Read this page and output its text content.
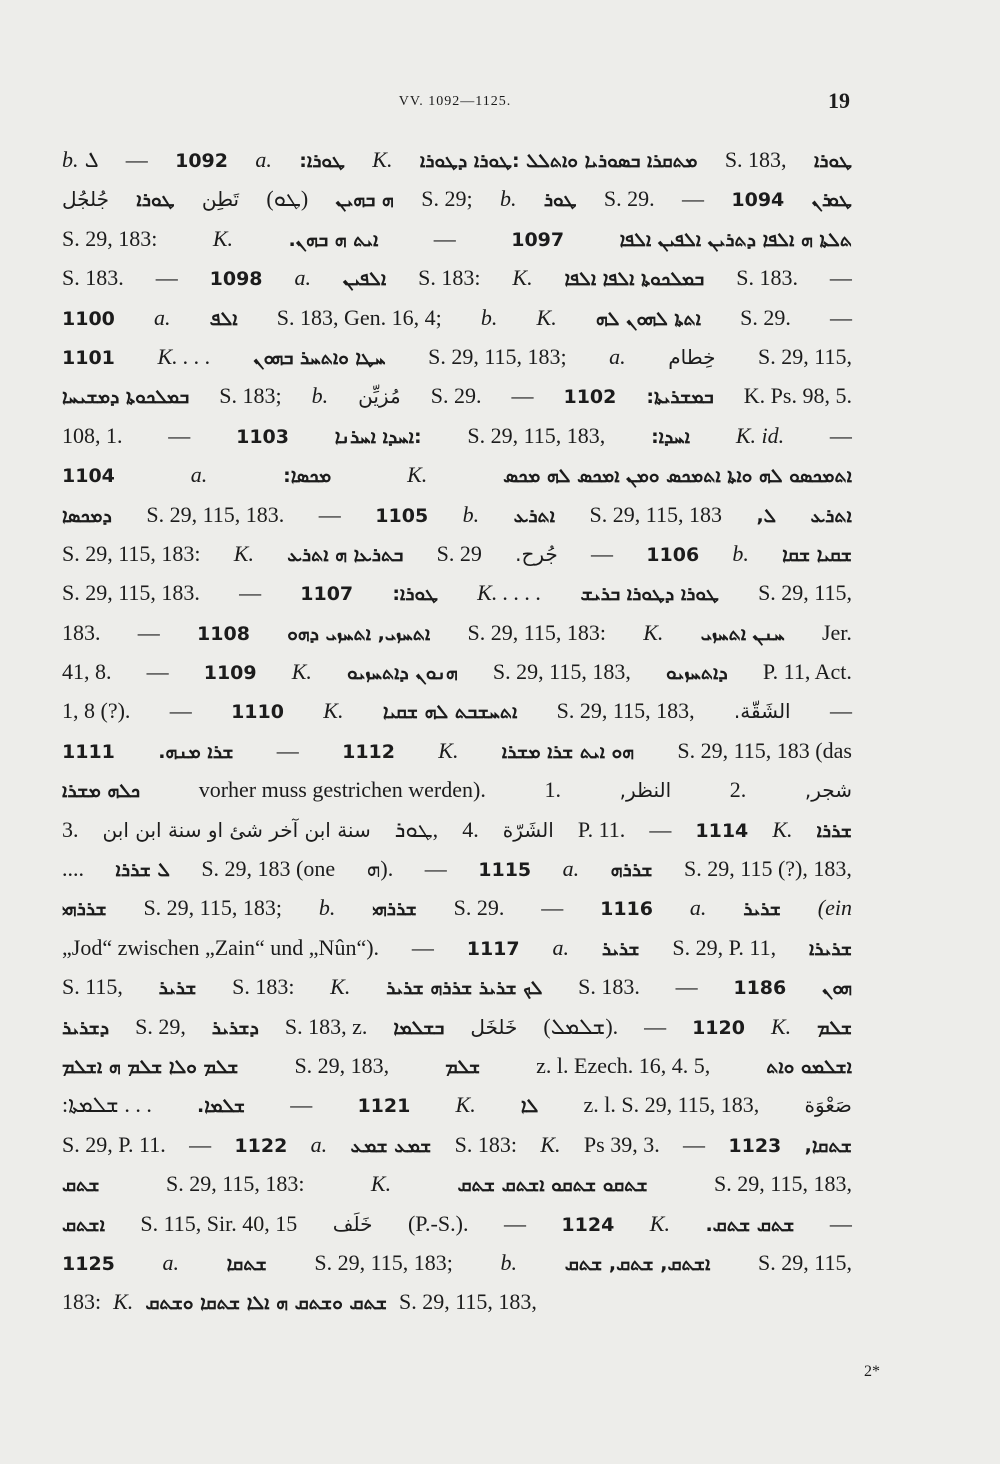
VV. 1092—1125.	19
b. ܠ — 1092 a. ܛܘܪܐ: K. ܡܬܩܪܐ ܒܣܘܪܝܐ ܘܐܬܠܠ :ܛܘܪܐ ܕܛܘܪܐ S. 183, ܛܘܪܐ
جُلجُل ܛܘܪܐ تَطِن (ܛܘ) ܗ ܒܗܝܢ S. 29; b. ܛܘܪ S. 29. — 1094 ܛܘܪܢ
S. 29, 183:	K.	ܐܝܬ ܗ ܒܗܢ.	—	1097	ܬܠܬܐ ܗ ܐܠܦܐ ܕܬܪܝܢ ܐܠܦܝܢ ܐܠܦܐ
S. 183. — 1098 a. ܐܠܦܝܢ S. 183: K. ܒܡܠܟܘܬܐ ܐܠܦܐ ܐܠܦܐ S. 183. —
1100 a. ܐܠܦ S. 183, Gen. 16, 4; b. K. ܐܬܬܐ ܠܗܘܢ ܠܗ S. 29. —
1101 K. . . . ܚܛܐ ܘܐܬܚܪ ܒܗܘܢ S. 29, 115, 183; a. خِطام S. 29, 115,
ܒܡܠܟܘܬܐ ܕܡܫܝܚܐ S. 183; b. مُزيِّن S. 29. — 1102 ܒܡܫܪܝܬܐ: K. Ps. 98, 5.
108, 1. — 1103 :ܐܚܕܐ ܐܚܪܢܐ S. 29, 115, 183, ܐܚܕܐ: K. id. —
1104	a.	ܡܟܣܐ:	K.	ܐܬܡܟܣܘ ܠܗ ܘܐܬܐ ܐܬܡܟܣ ܘܡܢ ܐܡܟܣ ܠܗ ܡܟܣ
ܕܡܟܣܐ S. 29, 115, 183. — 1105 b. ܐܬܪܥ S. 29, 115, 183 ܠ, ܐܬܪܥ
S. 29, 115, 183: K. ܒܬܪܥܐ ܗ ܐܬܪܥ S. 29 جُرح. — 1106 b. ܫܩܝܐ ܫܩܐ
S. 29, 115, 183. — 1107 ܛܘܪܐ: K. . . . . ܛܘܪܐ ܕܛܘܪܐ ܒܪܝܫ S. 29, 115,
183. — 1108 ܐܬܚܙܝ, ܐܬܚܙܝ ܕܗܘ S. 29, 115, 183: K. ܚܢܢ ܐܬܚܙܝ Jer.
41, 8. — 1109 K. ܗܢܘܢ ܕܐܬܚܙܝܘ S. 29, 115, 183, ܕܐܬܚܙܝܘ P. 11, Act.
1, 8 (?). — 1110 K. ܐܬܚܫܒܬ ܠܗ ܫܩܝܐ S. 29, 115, 183, الشَقّة. —
1111 ܫܪܐ ܡܢܗ. — 1112 K. ܗܘ ܐܝܬ ܫܪܐ ܡܫܪܐ S. 29, 115, 183 (das
ܟܠܗ ܡܫܪܐ	vorher muss gestrichen werden).	1.	النظر,	2.	شجر,
3. سنة ابن آخر شئ او سنة ابن ابن ܛܘܪ, 4. الشَرّة P. 11. — 1114 K. ܫܪܪܐ
.... ܠ ܫܪܪܐ S. 29, 183 (one ܗ). — 1115 a. ܫܪܪܗ S. 29, 115 (?), 183,
ܫܪܪܗܝ S. 29, 115, 183; b. ܫܪܪܗܝ S. 29. — 1116 a. ܫܪܝܪ (ein
„Jod“ zwischen „Zain“ und „Nûn“). — 1117 a. ܫܪܝܪ S. 29, P. 11, ܫܪܝܪܐ
S. 115, ܫܪܝܪ S. 183: K. ܠܟ ܫܪܝܪ ܫܪܪܗ ܫܪܝܪ S. 183. — 1186 ܗܘܢ
ܕܫܪܝܪ S. 29, ܕܫܪܝܪ S. 183, z. ܒܫܠܡܐ خَلخَل (ܫܠܡܠ). — 1120 K. ܫܠܡ
ܫܠܡ ܘܠܐ ܫܠܡ ܗ ܐܫܠܡ	S. 29, 183,	ܫܠܡ	z. l. Ezech. 16, 4. 5,	ܐܫܠܡܘ ܘܐܬ
:ܫܠܡܬܐ . . . ܫܠܡܐ. — 1121 K. ܠܐ z. l. S. 29, 115, 183, صَعْوَة
S. 29, P. 11. — 1122 a. ܫܡܥ ܫܡܥ S. 183: K. Ps 39, 3. — 1123 ܫܬܩܐ,
ܫܬܩ	S. 29, 115, 183:	K.	ܫܬܩܘ ܫܬܩܘ ܐܫܬܩ ܫܬܩ	S. 29, 115, 183,
ܐܫܬܩ S. 115, Sir. 40, 15 خَلَف (P.-S.). — 1124 K. ܫܬܩ ܫܬܩ. —
1125 a.	ܫܬܩܐ S. 29, 115, 183; b.	ܐܫܬܩ, ܫܬܩ, ܫܬܩ S. 29, 115,
183: K. ܫܬܩ ܘܫܬܩ ܗ ܐܠܐ ܫܬܩܐ ܘܫܬܩ S. 29, 115, 183,
2*
